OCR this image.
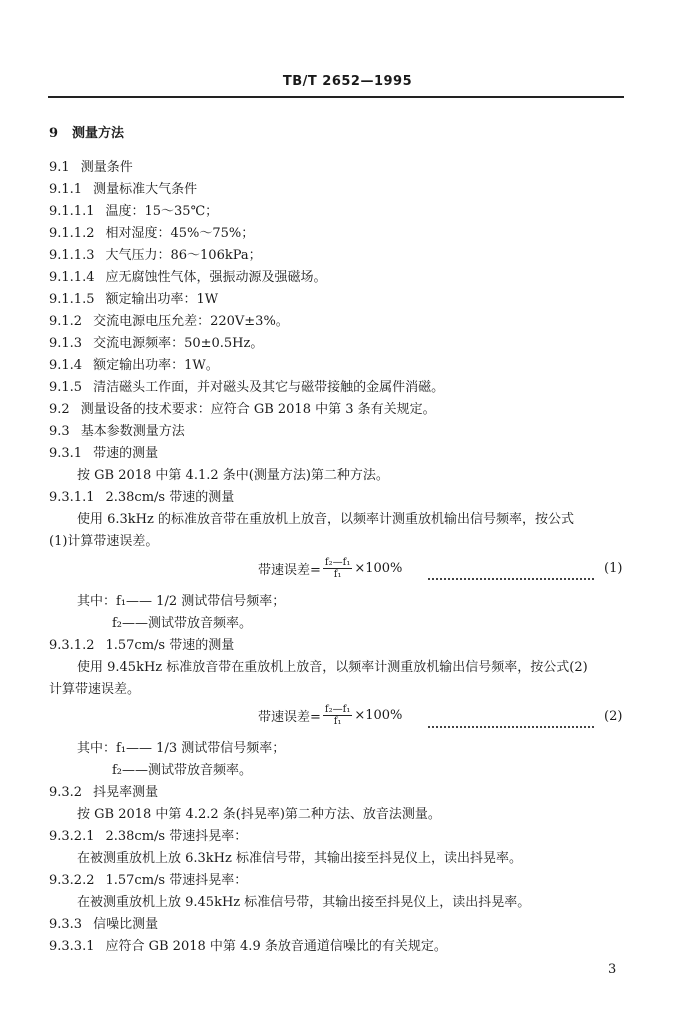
TB/T 2652—1995
9 测量方法
9.1 测量条件
9.1.1 测量标准大气条件
9.1.1.1 温度：15～35℃；
9.1.1.2 相对湿度：45%～75%；
9.1.1.3 大气压力：86～106kPa；
9.1.1.4 应无腐蚀性气体，强振动源及强磁场。
9.1.1.5 额定输出功率：1W
9.1.2 交流电源电压允差：220V±3%。
9.1.3 交流电源频率：50±0.5Hz。
9.1.4 额定输出功率：1W。
9.1.5 清洁磁头工作面，并对磁头及其它与磁带接触的金属件消磁。
9.2 测量设备的技术要求：应符合 GB 2018 中第 3 条有关规定。
9.3 基本参数测量方法
9.3.1 带速的测量
按 GB 2018 中第 4.1.2 条中(测量方法)第二种方法。
9.3.1.1 2.38cm/s 带速的测量
使用 6.3kHz 的标准放音带在重放机上放音，以频率计测重放机输出信号频率，按公式
(1)计算带速误差。
带速误差= $\frac{\text{f₂—f₁}}{\text{f₁}} \times 100\%$	(1)
其中：f₁—— 1/2 测试带信号频率；
f₂——测试带放音频率。
9.3.1.2 1.57cm/s 带速的测量
使用 9.45kHz 标准放音带在重放机上放音，以频率计测重放机输出信号频率，按公式(2)
计算带速误差。
带速误差= $\frac{\text{f₂—f₁}}{\text{f₁}} \times 100\%$	(2)
其中：f₁—— 1/3 测试带信号频率；
f₂——测试带放音频率。
9.3.2 抖晃率测量
按 GB 2018 中第 4.2.2 条(抖晃率)第二种方法、放音法测量。
9.3.2.1 2.38cm/s 带速抖晃率：
在被测重放机上放 6.3kHz 标准信号带，其输出接至抖晃仪上，读出抖晃率。
9.3.2.2 1.57cm/s 带速抖晃率：
在被测重放机上放 9.45kHz 标准信号带，其输出接至抖晃仪上，读出抖晃率。
9.3.3 信噪比测量
9.3.3.1 应符合 GB 2018 中第 4.9 条放音通道信噪比的有关规定。
3
